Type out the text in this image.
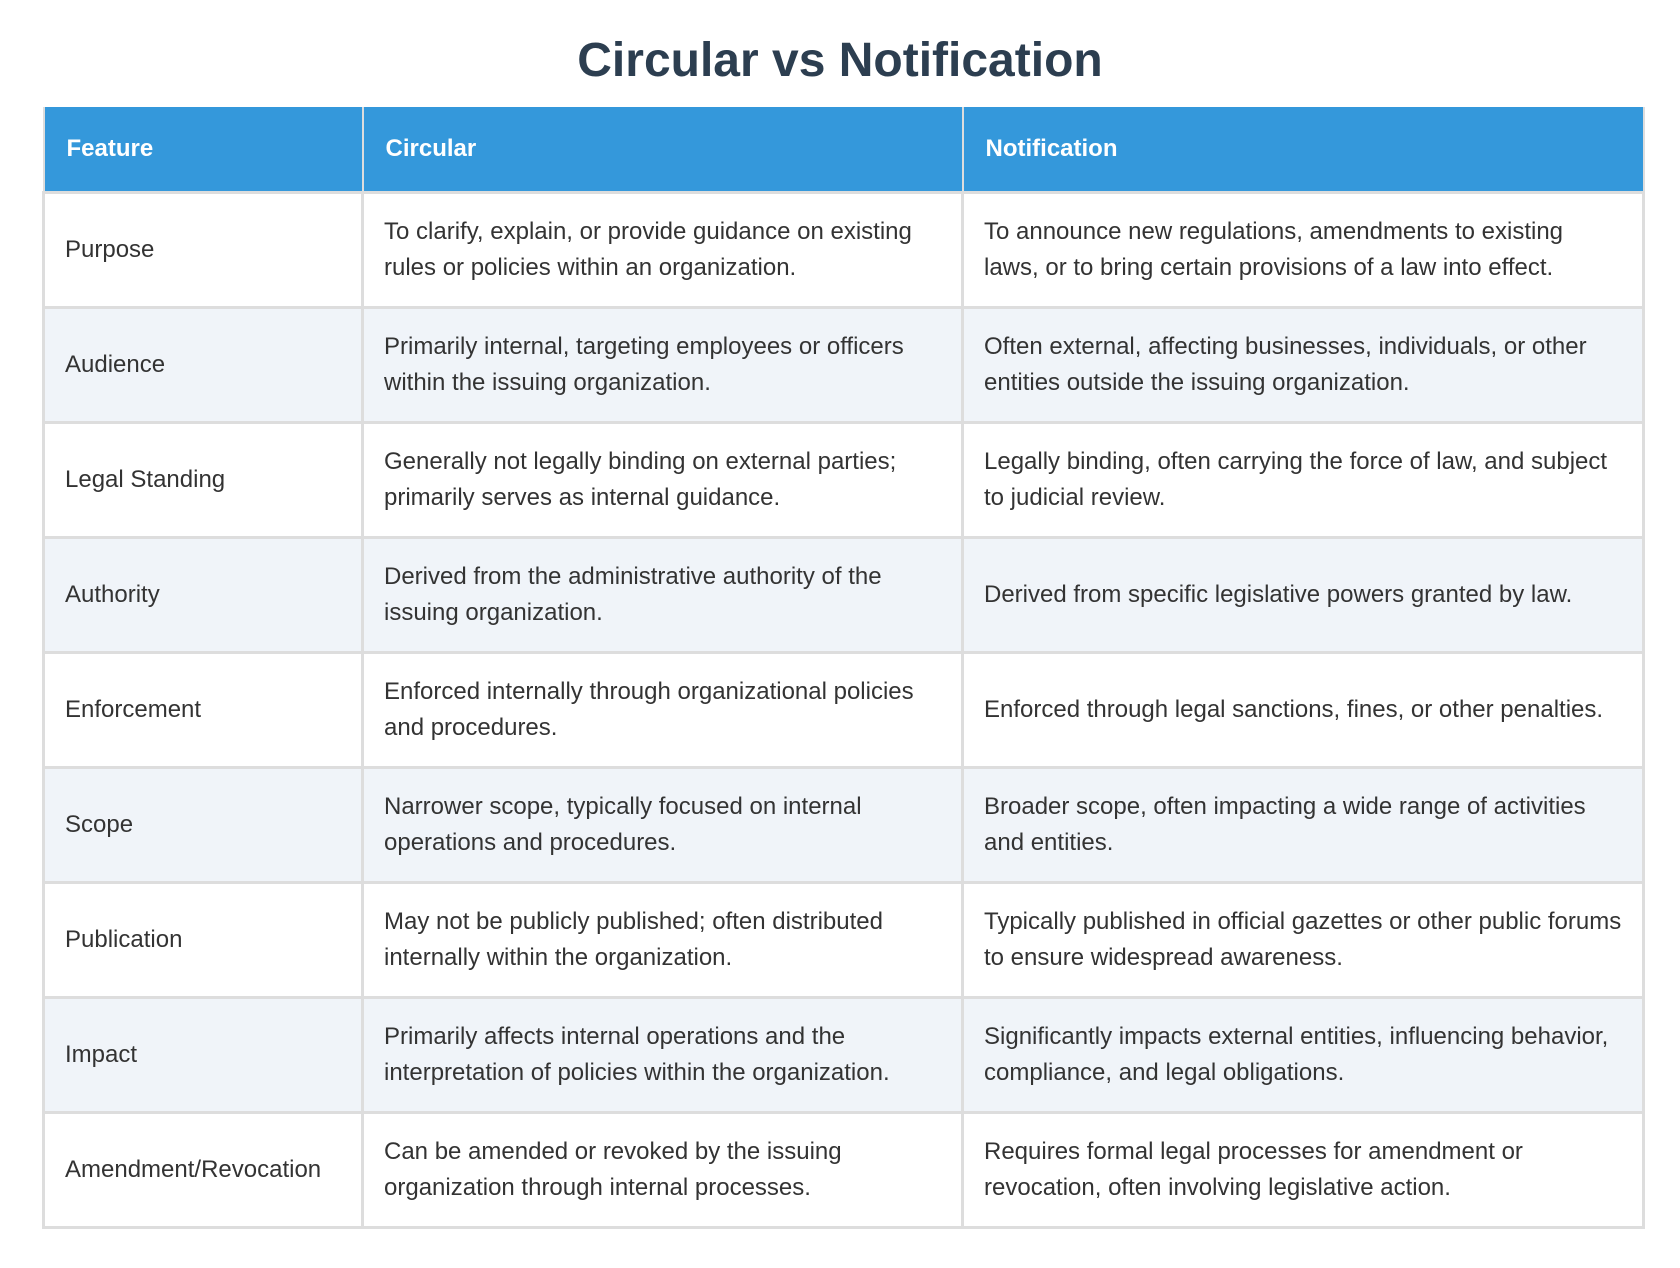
Circular vs Notification
Feature	Circular	Notification
Purpose	To clarify, explain, or provide guidance on existing rules or policies within an organization.	To announce new regulations, amendments to existing laws, or to bring certain provisions of a law into effect.
Audience	Primarily internal, targeting employees or officers within the issuing organization.	Often external, affecting businesses, individuals, or other entities outside the issuing organization.
Legal Standing	Generally not legally binding on external parties; primarily serves as internal guidance.	Legally binding, often carrying the force of law, and subject to judicial review.
Authority	Derived from the administrative authority of the issuing organization.	Derived from specific legislative powers granted by law.
Enforcement	Enforced internally through organizational policies and procedures.	Enforced through legal sanctions, fines, or other penalties.
Scope	Narrower scope, typically focused on internal operations and procedures.	Broader scope, often impacting a wide range of activities and entities.
Publication	May not be publicly published; often distributed internally within the organization.	Typically published in official gazettes or other public forums to ensure widespread awareness.
Impact	Primarily affects internal operations and the interpretation of policies within the organization.	Significantly impacts external entities, influencing behavior, compliance, and legal obligations.
Amendment/Revocation	Can be amended or revoked by the issuing organization through internal processes.	Requires formal legal processes for amendment or revocation, often involving legislative action.
